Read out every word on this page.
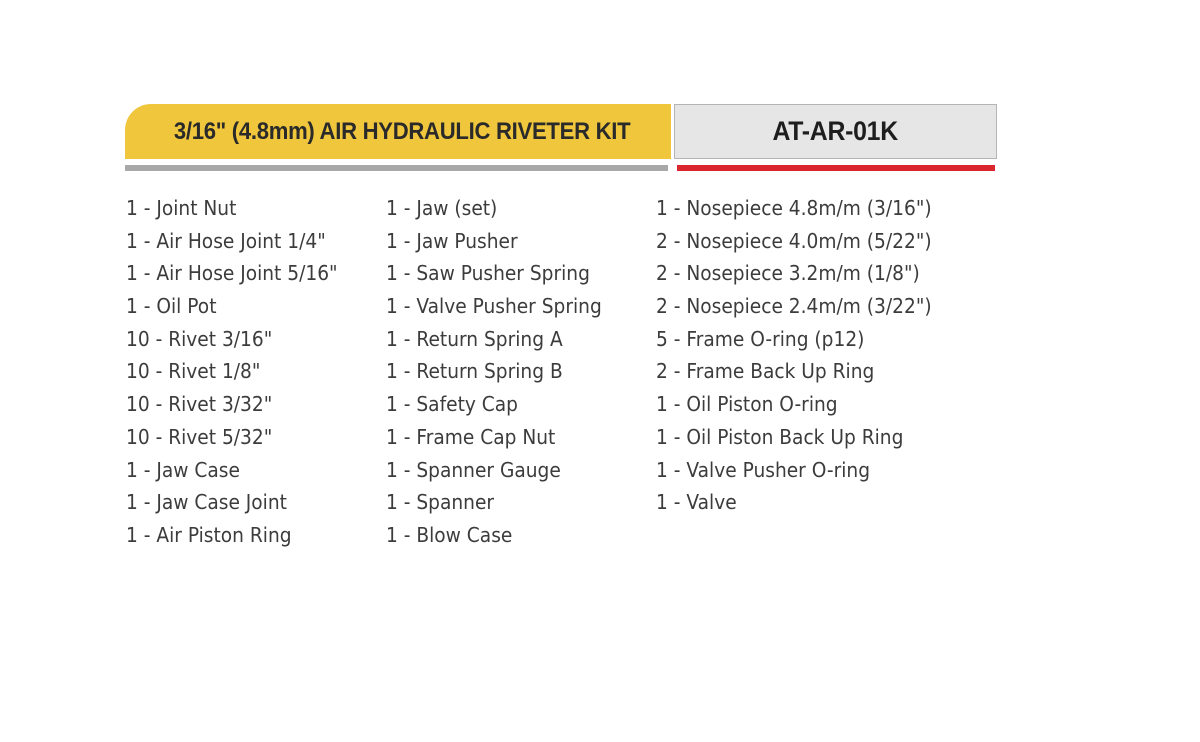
3/16" (4.8mm) AIR HYDRAULIC RIVETER KIT	AT-AR-01K
1 - Joint Nut
1 - Air Hose Joint 1/4"
1 - Air Hose Joint 5/16"
1 - Oil Pot
10 - Rivet 3/16"
10 - Rivet 1/8"
10 - Rivet 3/32"
10 - Rivet 5/32"
1 - Jaw Case
1 - Jaw Case Joint
1 - Air Piston Ring
1 - Jaw (set)
1 - Jaw Pusher
1 - Saw Pusher Spring
1 - Valve Pusher Spring
1 - Return Spring A
1 - Return Spring B
1 - Safety Cap
1 - Frame Cap Nut
1 - Spanner Gauge
1 - Spanner
1 - Blow Case
1 - Nosepiece 4.8m/m (3/16")
2 - Nosepiece 4.0m/m (5/22")
2 - Nosepiece 3.2m/m (1/8")
2 - Nosepiece 2.4m/m (3/22")
5 - Frame O-ring (p12)
2 - Frame Back Up Ring
1 - Oil Piston O-ring
1 - Oil Piston Back Up Ring
1 - Valve Pusher O-ring
1 - Valve
